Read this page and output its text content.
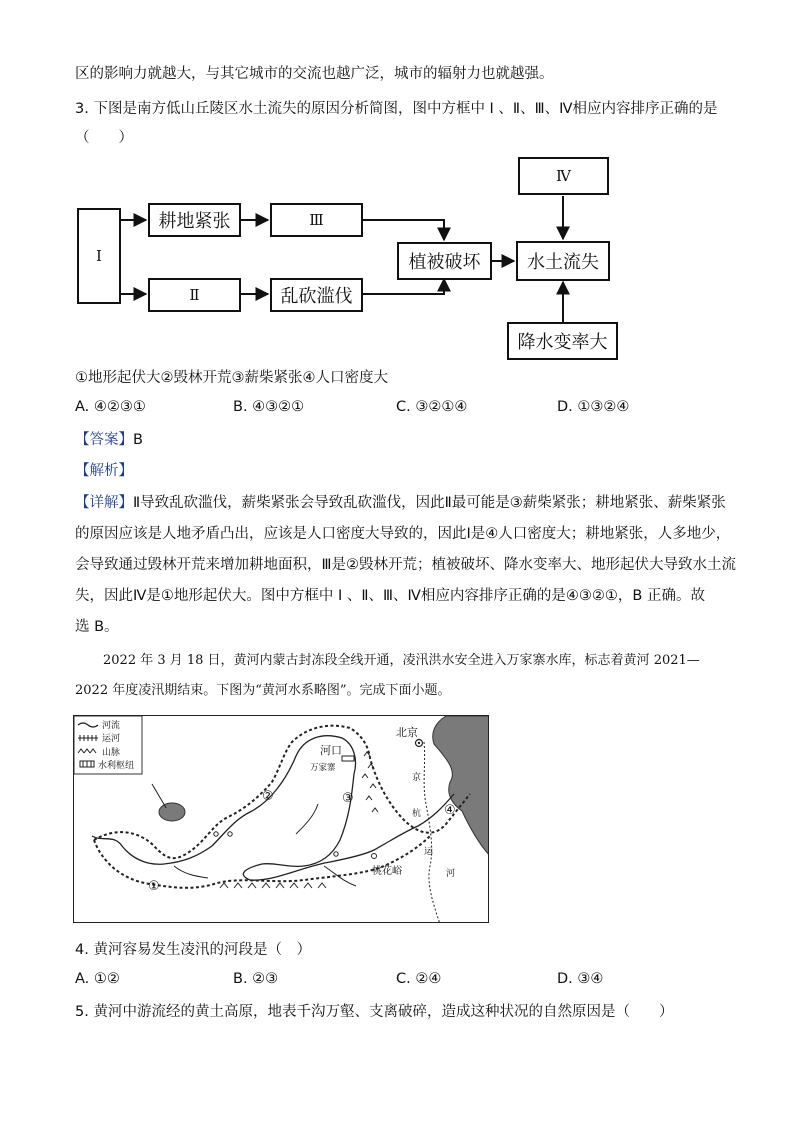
区的影响力就越大，与其它城市的交流也越广泛，城市的辐射力也就越强。
3. 下图是南方低山丘陵区水土流失的原因分析简图，图中方框中 Ⅰ 、Ⅱ、Ⅲ、Ⅳ相应内容排序正确的是
（　　）
Ⅰ
耕地紧张
Ⅱ
Ⅲ
乱砍滥伐
植被破坏
Ⅳ
水土流失
降水变率大
①地形起伏大②毁林开荒③薪柴紧张④人口密度大
A. ④②③①	B. ④③②①	C. ③②①④	D. ①③②④
【答案】B
【解析】
【详解】Ⅱ导致乱砍滥伐，薪柴紧张会导致乱砍滥伐，因此Ⅱ最可能是③薪柴紧张；耕地紧张、薪柴紧张
的原因应该是人地矛盾凸出，应该是人口密度大导致的，因此Ⅰ是④人口密度大；耕地紧张，人多地少，
会导致通过毁林开荒来增加耕地面积，Ⅲ是②毁林开荒；植被破坏、降水变率大、地形起伏大导致水土流
失，因此Ⅳ是①地形起伏大。图中方框中 Ⅰ 、Ⅱ、Ⅲ、Ⅳ相应内容排序正确的是④③②①，B 正确。故
选 B。
2022 年 3 月 18 日，黄河内蒙古封冻段全线开通，凌汛洪水安全进入万家寨水库，标志着黄河 2021—
2022 年度凌汛期结束。下图为“黄河水系略图”。完成下面小题。
河流
运河
山脉
水利枢纽
北京
河口
万家寨
桃花峪
京
杭
运
河
①
②	③
④
4. 黄河容易发生凌汛的河段是（　）
A. ①②	B. ②③	C. ②④	D. ③④
5. 黄河中游流经的黄土高原，地表千沟万壑、支离破碎，造成这种状况的自然原因是（　　）
